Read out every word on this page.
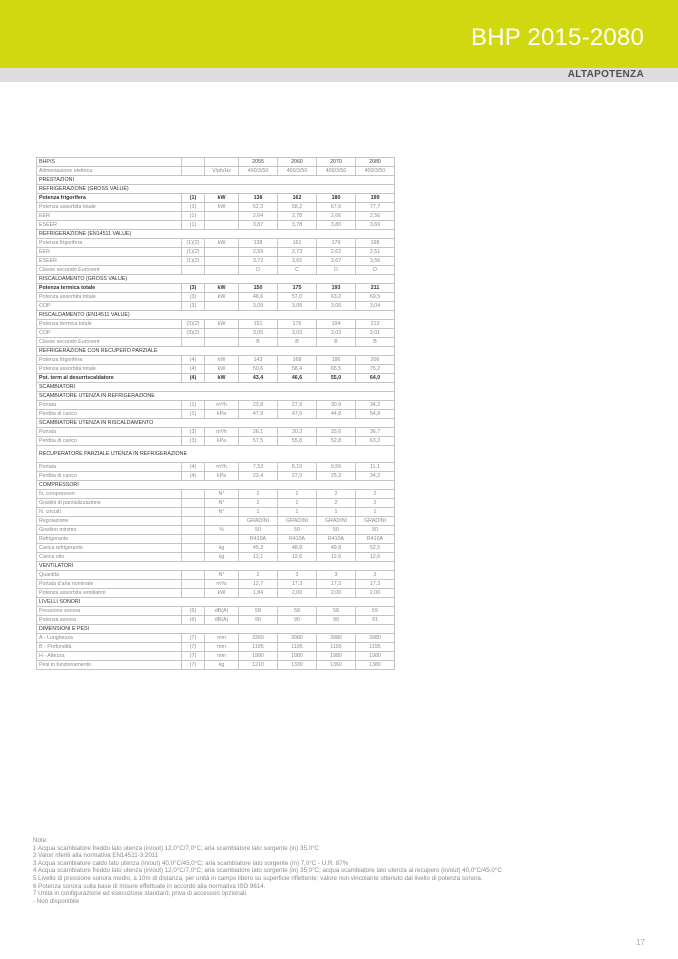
BHP 2015-2080
ALTAPOTENZA
BHP/S			2055	2060	2070	2080
Alimentazione elettrica		V/ph/Hz	400/3/50	400/3/50	400/3/50	400/3/50
PRESTAZIONI						
REFRIGERAZIONE (GROSS VALUE)						
Potenza frigorifera	(1)	kW	138	162	180	199
Potenza assorbita totale	(1)	kW	52,3	58,2	67,6	77,7
EER	(1)		2,64	2,78	2,66	2,56
ESEER	(1)		3,87	3,78	3,80	3,69
REFRIGERAZIONE (EN14511 VALUE)						
Potenza frigorifera	(1)(2)	kW	138	161	179	198
EER	(1)(2)		2,59	2,73	2,62	2,51
ESEER	(1)(2)		3,72	3,65	3,67	3,56
Classe secondo Eurovent			D	C	D	D
RISCALDAMENTO (GROSS VALUE)						
Potenza termica totale	(3)	kW	150	175	193	211
Potenza assorbita totale	(3)	kW	48,6	57,0	63,2	69,5
COP	(3)		3,09	3,06	3,06	3,04
RISCALDAMENTO (EN14511 VALUE)						
Potenza termica totale	(3)(2)	kW	151	176	194	213
COP	(3)(2)		3,05	3,03	3,03	3,01
Classe secondo Eurovent			B	B	B	B
REFRIGERAZIONE CON RECUPERO PARZIALE						
Potenza frigorifera	(4)	kW	143	168	186	206
Potenza assorbita totale	(4)	kW	50,6	58,4	65,5	75,2
Pot. term al desurriscaldatore	(4)	kW	43,4	46,6	55,0	64,0
SCAMBIATORI						
SCAMBIATORE UTENZA IN REFRIGERAZIONE						
Portata	(1)	m³/h	23,8	27,9	30,9	34,2
Perdita di carico	(1)	kPa	47,9	47,0	44,8	54,8
SCAMBIATORE UTENZA IN RISCALDAMENTO						
Portata	(3)	m³/h	26,1	30,3	33,6	36,7
Perdita di carico	(3)	kPa	57,5	55,8	52,8	63,2
RECUPERATORE PARZIALE UTENZA IN REFRIGERAZIONE						
Portata	(4)	m³/h	7,53	8,10	9,56	11,1
Perdita di carico	(4)	kPa	23,4	27,0	25,3	34,2
COMPRESSORI						
N. compressori		N°	2	2	2	2
Gradini di parzializzazione		N°	2	2	2	2
N. circuiti		N°	1	1	1	1
Regolazione			GRADINI	GRADINI	GRADINI	GRADINI
Gradino minimo		%	50	50	50	50
Refrigerante			R410A	R410A	R410A	R410A
Carica refrigerante		kg	45,3	48,8	49,8	52,5
Carica olio		kg	13,1	12,6	12,6	12,6
VENTILATORI						
Quantità		N°	2	3	3	3
Portata d'aria nominale		m³/s	12,7	17,3	17,3	17,3
Potenza assorbita ventilatori		kW	1,84	2,00	2,00	2,00
LIVELLI SONORI						
Pressione sonora	(5)	dB(A)	58	58	58	59
Potenza sonora	(6)	dB(A)	90	90	90	91
DIMENSIONI E PESI						
A - Lunghezza	(7)	mm	3360	3980	3980	3980
B - Profondità	(7)	mm	1195	1195	1195	1195
H - Altezza	(7)	mm	1980	1980	1980	1980
Pesi in funzionamento	(7)	kg	1210	1330	1360	1380
Note:
1 Acqua scambiatore freddo lato utenza (in/out) 12,0°C/7,0°C; aria scambiatore lato sorgente (in) 35,0°C
2 Valori riferiti alla normativa EN14511-3:2011
3 Acqua scambiatore caldo lato utenza (in/out) 40,0°C/45,0°C; aria scambiatore lato sorgente (in) 7,0°C - U.R. 87%
4 Acqua scambiatore freddo lato utenza (in/out) 12,0°C/7,0°C; aria scambiatore lato sorgente (in) 35,0°C; acqua scambiatore lato utenza al recupero (in/out) 40,0°C/45,0°C
5 Livello di pressione sonora medio, a 10m di distanza, per unità in campo libero su superficie riflettente; valore non vincolante ottenuto dal livello di potenza sonora.
6 Potenza sonora sulla base di misure effettuate in accordo alla normativa ISO 9614.
7 Unità in configurazione ed esecuzione standard, priva di accessori opzionali.
- Non disponibile
17
